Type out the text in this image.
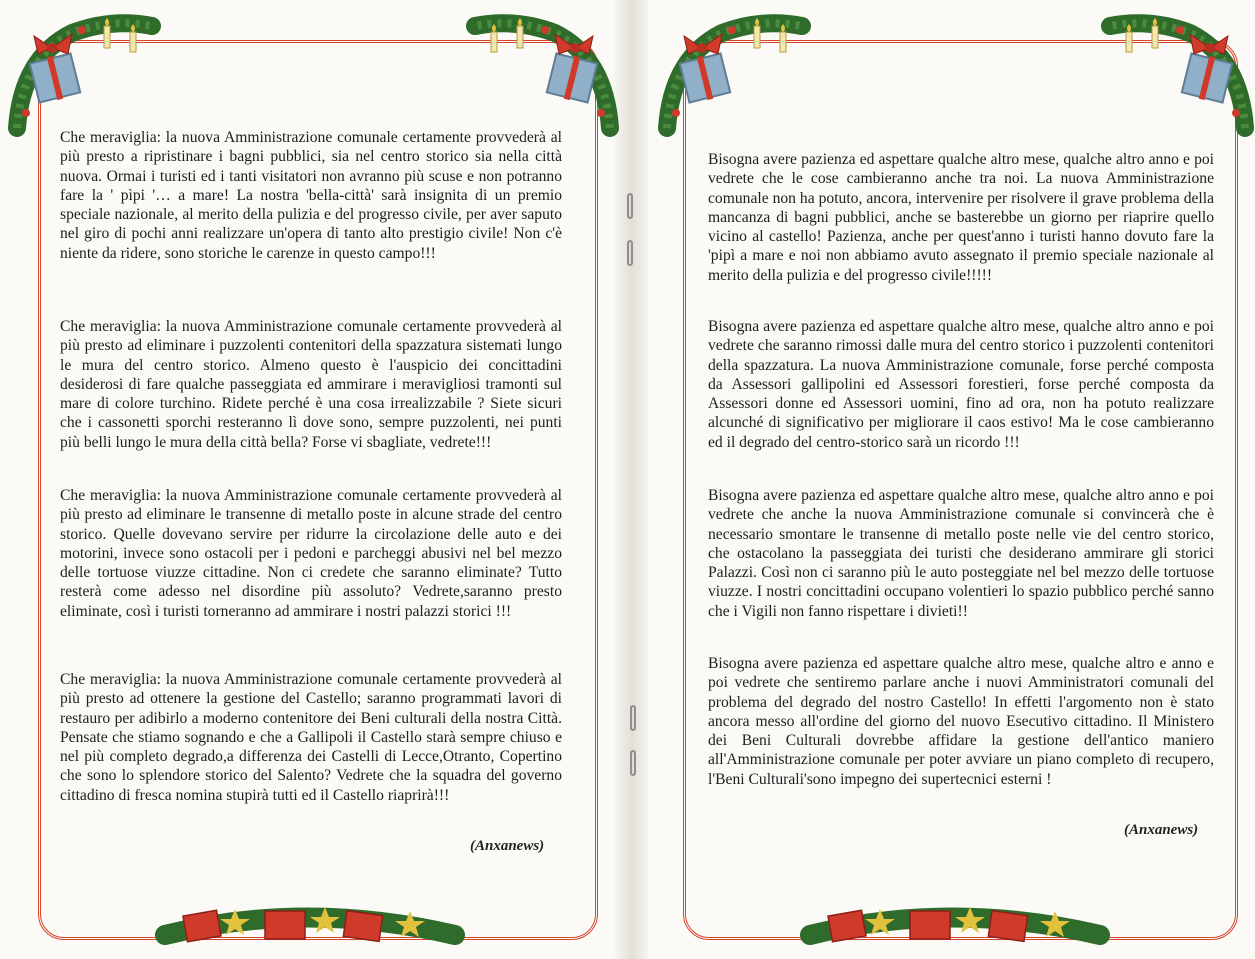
Che meraviglia: la nuova Amministrazione comunale certamente provvederà al più presto a ripristinare i bagni pubblici, sia nel centro storico sia nella città nuova. Ormai i turisti ed i tanti visitatori non avranno più scuse e non potranno fare la ' pìpi '… a mare! La nostra 'bella-città' sarà insignita di un premio speciale nazionale, al merito della pulizia e del progresso civile, per aver saputo nel giro di pochi anni realizzare un'opera di tanto alto prestigio civile! Non c'è niente da ridere, sono storiche le carenze in questo campo!!!

Che meraviglia: la nuova Amministrazione comunale certamente provvederà al più presto ad eliminare i puzzolenti contenitori della spazzatura sistemati lungo le mura del centro storico. Almeno questo è l'auspicio dei concittadini desiderosi di fare qualche passeggiata ed ammirare i meravigliosi tramonti sul mare di colore turchino. Ridete perché è una cosa irrealizzabile ? Siete sicuri che i cassonetti sporchi resteranno lì dove sono, sempre puzzolenti, nei punti più belli lungo le mura della città bella? Forse vi sbagliate, vedrete!!!

Che meraviglia: la nuova Amministrazione comunale certamente provvederà al più presto ad eliminare le transenne di metallo poste in alcune strade del centro storico. Quelle dovevano servire per ridurre la circolazione delle auto e dei motorini, invece sono ostacoli per i pedoni e parcheggi abusivi nel bel mezzo delle tortuose viuzze cittadine. Non ci credete che saranno eliminate? Tutto resterà come adesso nel disordine più assoluto? Vedrete,saranno presto eliminate, così i turisti torneranno ad ammirare i nostri palazzi storici !!!

Che meraviglia: la nuova Amministrazione comunale certamente provvederà al più presto ad ottenere la gestione del Castello; saranno programmati lavori di restauro per adibirlo a moderno contenitore dei Beni culturali della nostra Città. Pensate che stiamo sognando e che a Gallipoli il Castello starà sempre chiuso e nel più completo degrado,a differenza dei Castelli di Lecce,Otranto, Copertino che sono lo splendore storico del Salento? Vedrete che la squadra del governo cittadino di fresca nomina stupirà tutti ed il Castello riaprirà!!!

(Anxanews)

Bisogna avere pazienza ed aspettare qualche altro mese, qualche altro anno e poi vedrete che le cose cambieranno anche tra noi. La nuova Amministrazione comunale non ha potuto, ancora, intervenire per risolvere il grave problema della mancanza di bagni pubblici, anche se basterebbe un giorno per riaprire quello vicino al castello! Pazienza, anche per quest'anno i turisti hanno dovuto fare la 'pipì a mare e noi non abbiamo avuto assegnato il premio speciale nazionale al merito della pulizia e del progresso civile!!!!!

Bisogna avere pazienza ed aspettare qualche altro mese, qualche altro anno e poi vedrete che saranno rimossi dalle mura del centro storico i puzzolenti contenitori della spazzatura. La nuova Amministrazione comunale, forse perché composta da Assessori gallipolini ed Assessori forestieri, forse perché composta da Assessori donne ed Assessori uomini, fino ad ora, non ha potuto realizzare alcunché di significativo per migliorare il caos estivo! Ma le cose cambieranno ed il degrado del centro-storico sarà un ricordo !!!

Bisogna avere pazienza ed aspettare qualche altro mese, qualche altro anno e poi vedrete che anche la nuova Amministrazione comunale si convincerà che è necessario smontare le transenne di metallo poste nelle vie del centro storico, che ostacolano la passeggiata dei turisti che desiderano ammirare gli storici Palazzi. Così non ci saranno più le auto posteggiate nel bel mezzo delle tortuose viuzze. I nostri concittadini occupano volentieri lo spazio pubblico perché sanno che i Vigili non fanno rispettare i divieti!!

Bisogna avere pazienza ed aspettare qualche altro mese, qualche altro e anno e poi vedrete che sentiremo parlare anche i nuovi Amministratori comunali del problema del degrado del nostro Castello! In effetti l'argomento non è stato ancora messo all'ordine del giorno del nuovo Esecutivo cittadino. Il Ministero dei Beni Culturali dovrebbe affidare la gestione dell'antico maniero all'Amministrazione comunale per poter avviare un piano completo di recupero, l'Beni Culturali'sono impegno dei supertecnici esterni !

(Anxanews)
